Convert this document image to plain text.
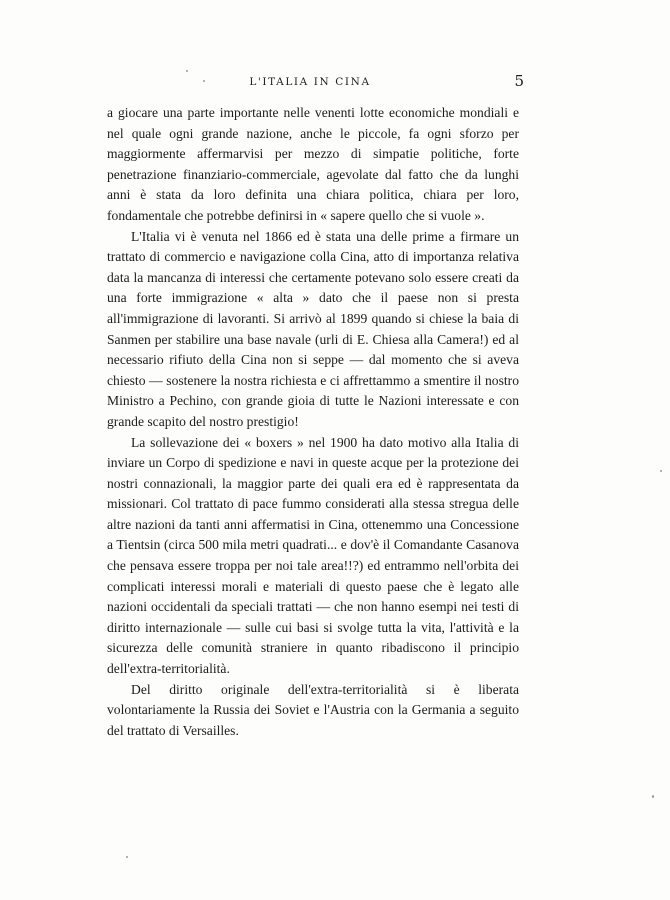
L'ITALIA IN CINA	5

a giocare una parte importante nelle venenti lotte economiche mondiali e nel quale ogni grande nazione, anche le piccole, fa ogni sforzo per maggiormente affermarvisi per mezzo di simpatie politiche, forte penetrazione finanziario-commerciale, agevolate dal fatto che da lunghi anni è stata da loro definita una chiara politica, chiara per loro, fondamentale che potrebbe definirsi in « sapere quello che si vuole ».

L'Italia vi è venuta nel 1866 ed è stata una delle prime a firmare un trattato di commercio e navigazione colla Cina, atto di importanza relativa data la mancanza di interessi che certamente potevano solo essere creati da una forte immigrazione « alta » dato che il paese non si presta all'immigrazione di lavoranti. Si arrivò al 1899 quando si chiese la baia di Sanmen per stabilire una base navale (urli di E. Chiesa alla Camera!) ed al necessario rifiuto della Cina non si seppe — dal momento che si aveva chiesto — sostenere la nostra richiesta e ci affrettammo a smentire il nostro Ministro a Pechino, con grande gioia di tutte le Nazioni interessate e con grande scapito del nostro prestigio!

La sollevazione dei « boxers » nel 1900 ha dato motivo alla Italia di inviare un Corpo di spedizione e navi in queste acque per la protezione dei nostri connazionali, la maggior parte dei quali era ed è rappresentata da missionari. Col trattato di pace fummo considerati alla stessa stregua delle altre nazioni da tanti anni affermatisi in Cina, ottenemmo una Concessione a Tientsin (circa 500 mila metri quadrati... e dov'è il Comandante Casanova che pensava essere troppa per noi tale area!!?) ed entrammo nell'orbita dei complicati interessi morali e materiali di questo paese che è legato alle nazioni occidentali da speciali trattati — che non hanno esempi nei testi di diritto internazionale — sulle cui basi si svolge tutta la vita, l'attività e la sicurezza delle comunità straniere in quanto ribadiscono il principio dell'extra-territorialità.

Del diritto originale dell'extra-territorialità si è liberata volontariamente la Russia dei Soviet e l'Austria con la Germania a seguito del trattato di Versailles.
